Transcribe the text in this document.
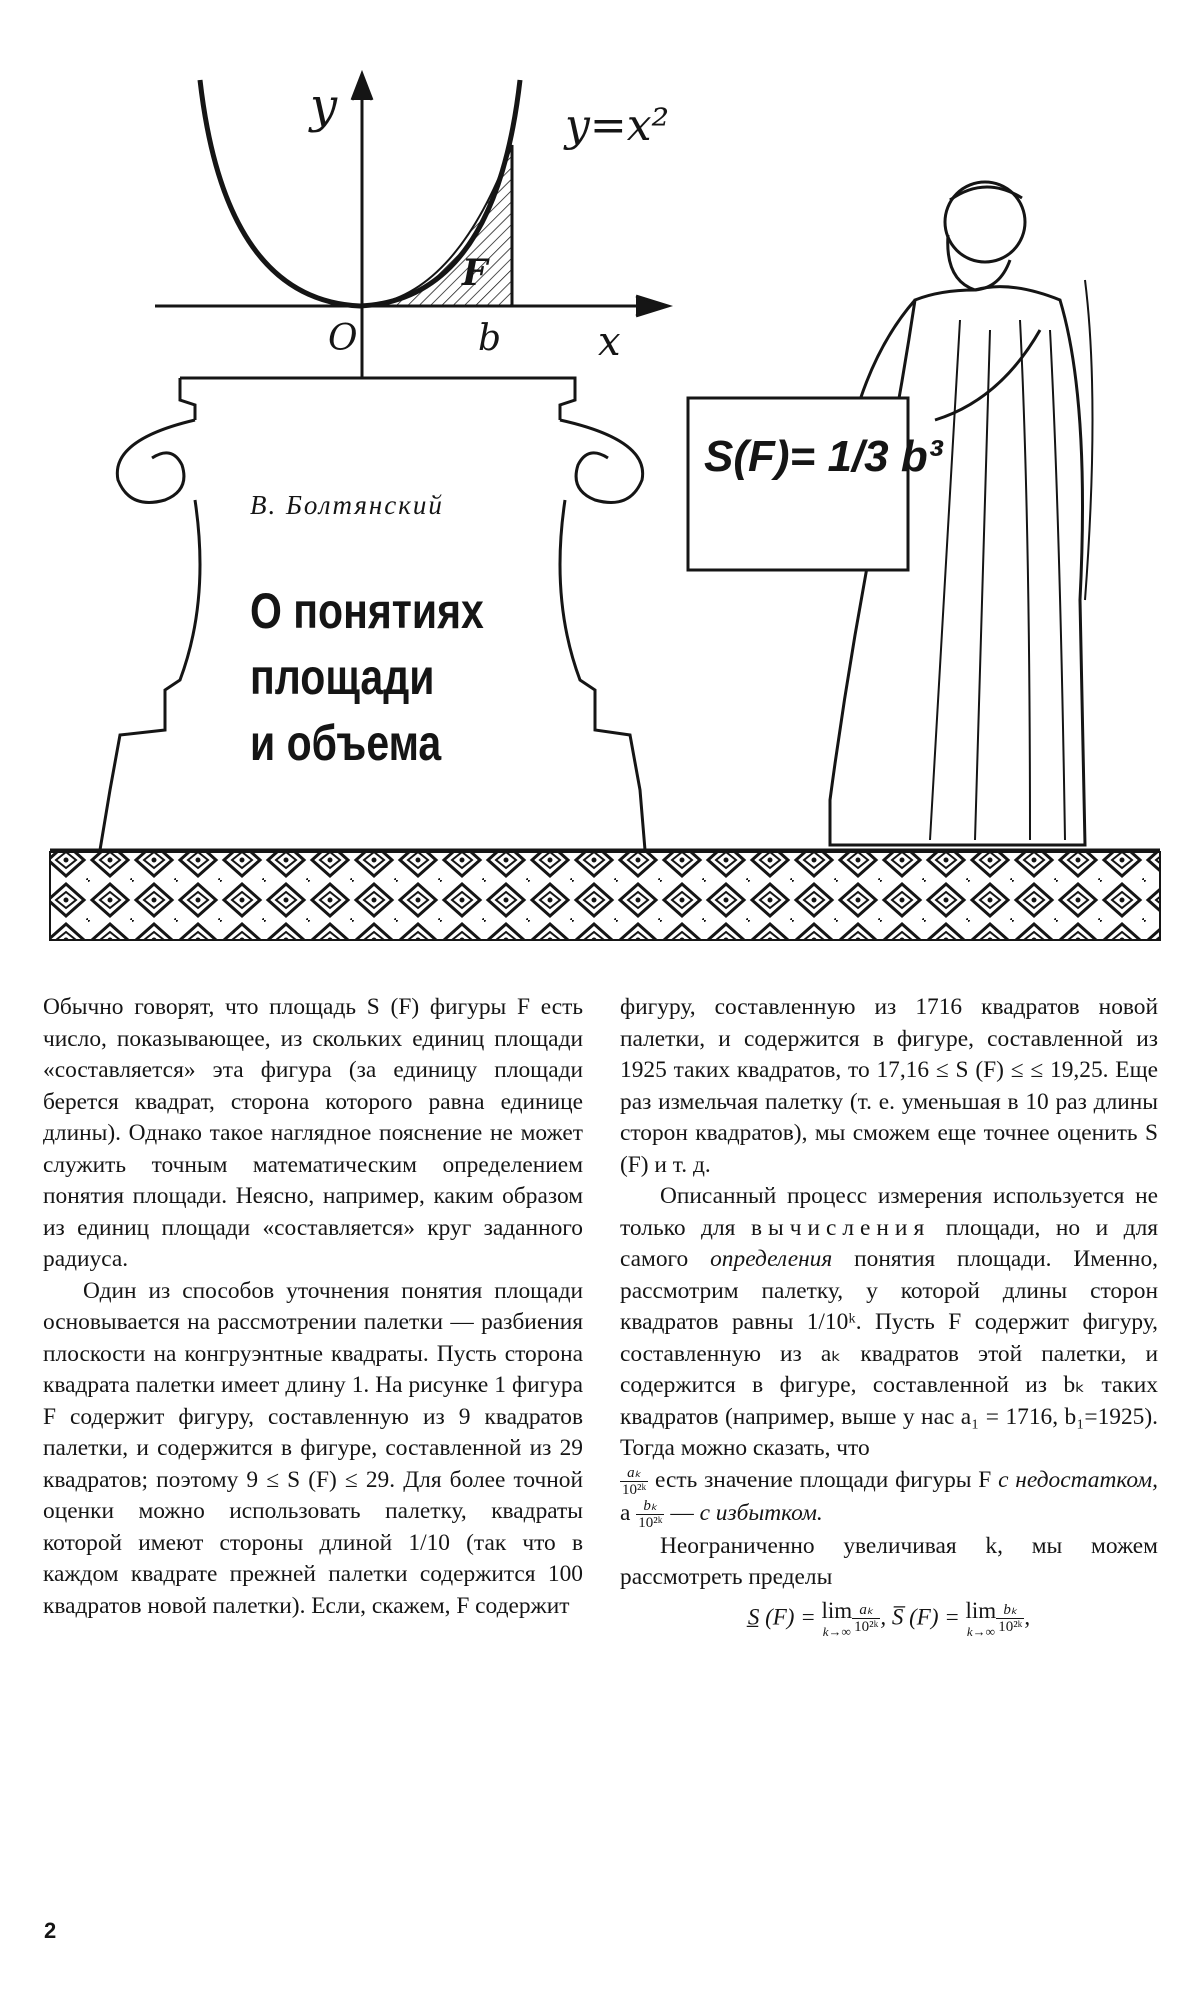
y	y=x²
O	b x
F
S(F)= 1/3 b³
В. Болтянский
О понятиях
площади
и объема

Обычно говорят, что площадь S (F) фигуры F есть число, показывающее, из скольких единиц площади «составляется» эта фигура (за единицу площади берется квадрат, сторона которого равна единице длины). Однако такое наглядное пояснение не может служить точным математическим определением понятия площади. Неясно, например, каким образом из единиц площади «составляется» круг заданного радиуса.

Один из способов уточнения понятия площади основывается на рассмотрении палетки — разбиения плоскости на конгруэнтные квадраты. Пусть сторона квадрата палетки имеет длину 1. На рисунке 1 фигура F содержит фигуру, составленную из 9 квадратов палетки, и содержится в фигуре, составленной из 29 квадратов; поэтому 9 ≤ S (F) ≤ 29. Для более точной оценки можно использовать палетку, квадраты которой имеют стороны длиной 1/10 (так что в каждом квадрате прежней палетки содержится 100 квадратов новой палетки). Если, скажем, F содержит

фигуру, составленную из 1716 квадратов новой палетки, и содержится в фигуре, составленной из 1925 таких квадратов, то 17,16 ≤ S (F) ≤ ≤ 19,25. Еще раз измельчая палетку (т. е. уменьшая в 10 раз длины сторон квадратов), мы сможем еще точнее оценить S (F) и т. д.

Описанный процесс измерения используется не только для вычисления площади, но и для самого определения понятия площади. Именно, рассмотрим палетку, у которой длины сторон квадратов равны 1/10ᵏ. Пусть F содержит фигуру, составленную из aₖ квадратов этой палетки, и содержится в фигуре, составленной из bₖ таких квадратов (например, выше у нас a₁ = 1716, b₁=1925). Тогда можно сказать, что

$\frac{\text{aₖ}}{\text{10²ᵏ}}$ есть значение площади фигуры F с недостатком, а $\frac{\text{bₖ}}{\text{10²ᵏ}}$ — с избытком.

Неограниченно увеличивая k, мы можем рассмотреть пределы

S̲ (F) = lim
$k\to\infty \frac{\text{aₖ}}{\text{10²ᵏ}}$ , S̅ (F) = lim
$k\to\infty \frac{\text{bₖ}}{\text{10²ᵏ}}$ ,
2
